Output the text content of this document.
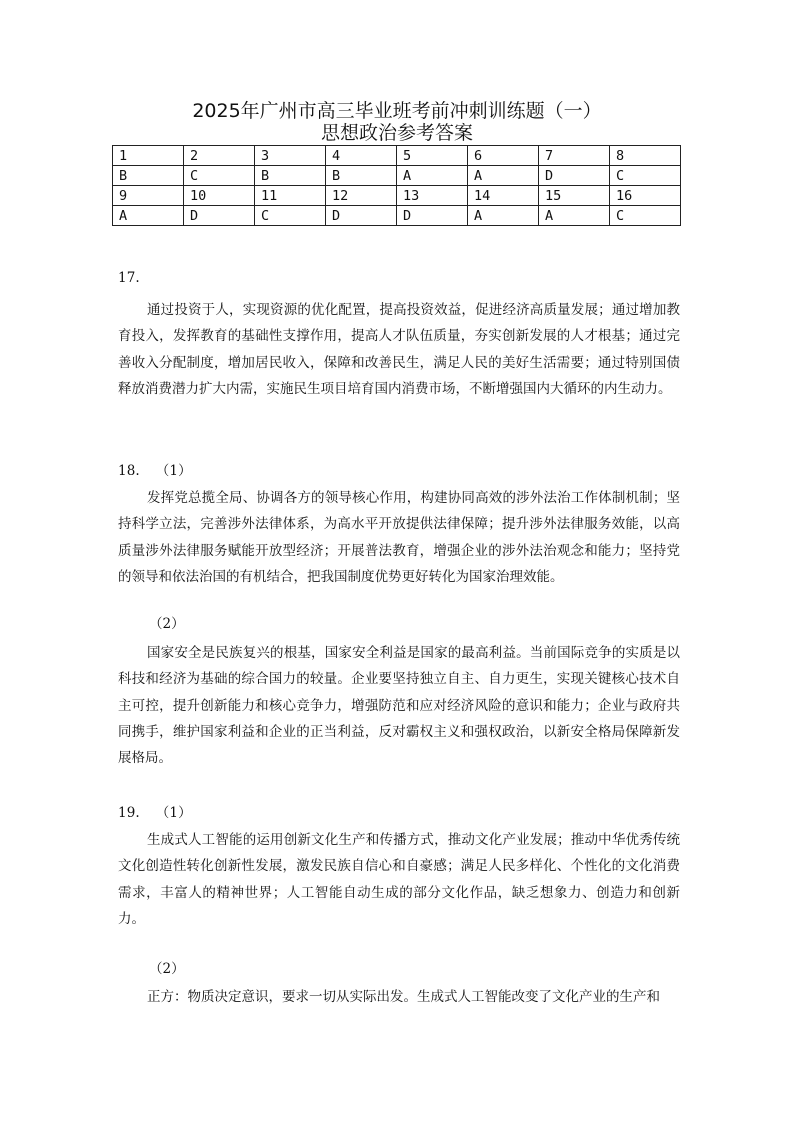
2025年广州市高三毕业班考前冲刺训练题（一）
思想政治参考答案
1	2	3	4	5	6	7	8
B	C	B	B	A	A	D	C
9	10	11	12	13	14	15	16
A	D	C	D	D	A	A	C
17.
通过投资于人，实现资源的优化配置，提高投资效益，促进经济高质量发展；通过增加教育投入，发挥教育的基础性支撑作用，提高人才队伍质量，夯实创新发展的人才根基；通过完善收入分配制度，增加居民收入，保障和改善民生，满足人民的美好生活需要；通过特别国债释放消费潜力扩大内需，实施民生项目培育国内消费市场，不断增强国内大循环的内生动力。
18. （1）
发挥党总揽全局、协调各方的领导核心作用，构建协同高效的涉外法治工作体制机制；坚持科学立法，完善涉外法律体系，为高水平开放提供法律保障；提升涉外法律服务效能，以高质量涉外法律服务赋能开放型经济；开展普法教育，增强企业的涉外法治观念和能力；坚持党的领导和依法治国的有机结合，把我国制度优势更好转化为国家治理效能。
（2）
国家安全是民族复兴的根基，国家安全利益是国家的最高利益。当前国际竞争的实质是以科技和经济为基础的综合国力的较量。企业要坚持独立自主、自力更生，实现关键核心技术自主可控，提升创新能力和核心竞争力，增强防范和应对经济风险的意识和能力；企业与政府共同携手，维护国家利益和企业的正当利益，反对霸权主义和强权政治，以新安全格局保障新发展格局。
19. （1）
生成式人工智能的运用创新文化生产和传播方式，推动文化产业发展；推动中华优秀传统文化创造性转化创新性发展，激发民族自信心和自豪感；满足人民多样化、个性化的文化消费需求，丰富人的精神世界；人工智能自动生成的部分文化作品，缺乏想象力、创造力和创新力。
（2）
正方：物质决定意识，要求一切从实际出发。生成式人工智能改变了文化产业的生产和
